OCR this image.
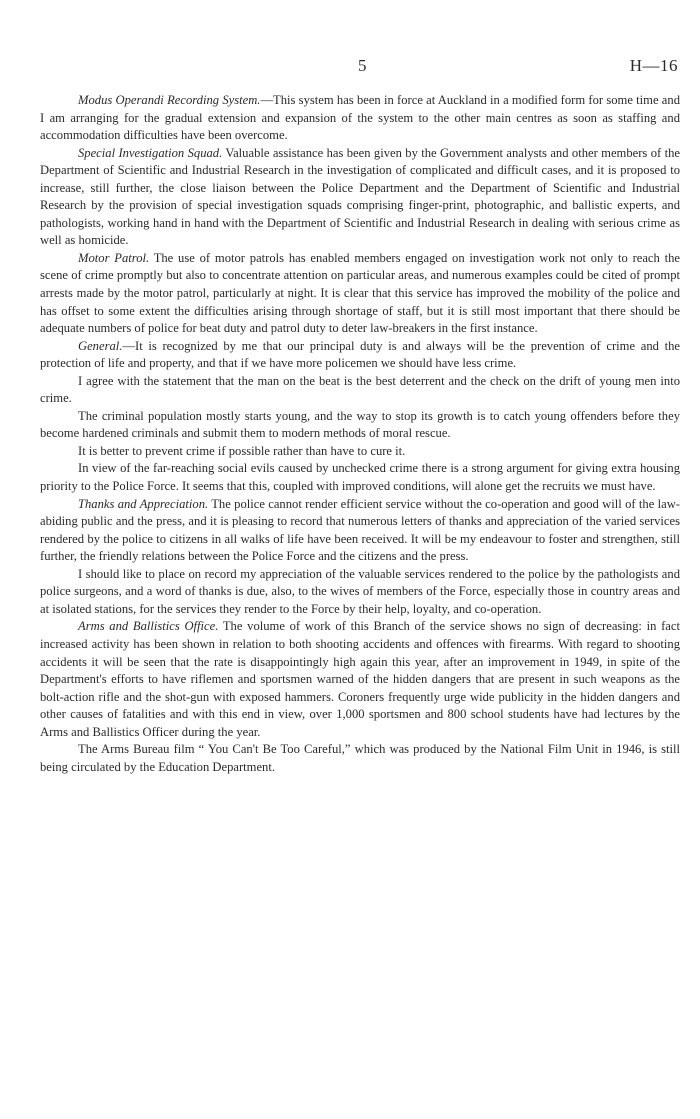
5	H—16

Modus Operandi Recording System.—This system has been in force at Auckland in a modified form for some time and I am arranging for the gradual extension and expansion of the system to the other main centres as soon as staffing and accommodation difficulties have been overcome.

Special Investigation Squad. Valuable assistance has been given by the Government analysts and other members of the Department of Scientific and Industrial Research in the investigation of complicated and difficult cases, and it is proposed to increase, still further, the close liaison between the Police Department and the Department of Scientific and Industrial Research by the provision of special investigation squads comprising finger-print, photographic, and ballistic experts, and pathologists, working hand in hand with the Department of Scientific and Industrial Research in dealing with serious crime as well as homicide.

Motor Patrol. The use of motor patrols has enabled members engaged on investigation work not only to reach the scene of crime promptly but also to concentrate attention on particular areas, and numerous examples could be cited of prompt arrests made by the motor patrol, particularly at night. It is clear that this service has improved the mobility of the police and has offset to some extent the difficulties arising through shortage of staff, but it is still most important that there should be adequate numbers of police for beat duty and patrol duty to deter law-breakers in the first instance.

General.—It is recognized by me that our principal duty is and always will be the prevention of crime and the protection of life and property, and that if we have more policemen we should have less crime.

I agree with the statement that the man on the beat is the best deterrent and the check on the drift of young men into crime.

The criminal population mostly starts young, and the way to stop its growth is to catch young offenders before they become hardened criminals and submit them to modern methods of moral rescue.

It is better to prevent crime if possible rather than have to cure it.

In view of the far-reaching social evils caused by unchecked crime there is a strong argument for giving extra housing priority to the Police Force. It seems that this, coupled with improved conditions, will alone get the recruits we must have.

Thanks and Appreciation. The police cannot render efficient service without the co-operation and good will of the law-abiding public and the press, and it is pleasing to record that numerous letters of thanks and appreciation of the varied services rendered by the police to citizens in all walks of life have been received. It will be my endeavour to foster and strengthen, still further, the friendly relations between the Police Force and the citizens and the press.

I should like to place on record my appreciation of the valuable services rendered to the police by the pathologists and police surgeons, and a word of thanks is due, also, to the wives of members of the Force, especially those in country areas and at isolated stations, for the services they render to the Force by their help, loyalty, and co-operation.

Arms and Ballistics Office. The volume of work of this Branch of the service shows no sign of decreasing: in fact increased activity has been shown in relation to both shooting accidents and offences with firearms. With regard to shooting accidents it will be seen that the rate is disappointingly high again this year, after an improvement in 1949, in spite of the Department's efforts to have riflemen and sportsmen warned of the hidden dangers that are present in such weapons as the bolt-action rifle and the shot-gun with exposed hammers. Coroners frequently urge wide publicity in the hidden dangers and other causes of fatalities and with this end in view, over 1,000 sportsmen and 800 school students have had lectures by the Arms and Ballistics Officer during the year.

The Arms Bureau film “ You Can't Be Too Careful,” which was produced by the National Film Unit in 1946, is still being circulated by the Education Department.
